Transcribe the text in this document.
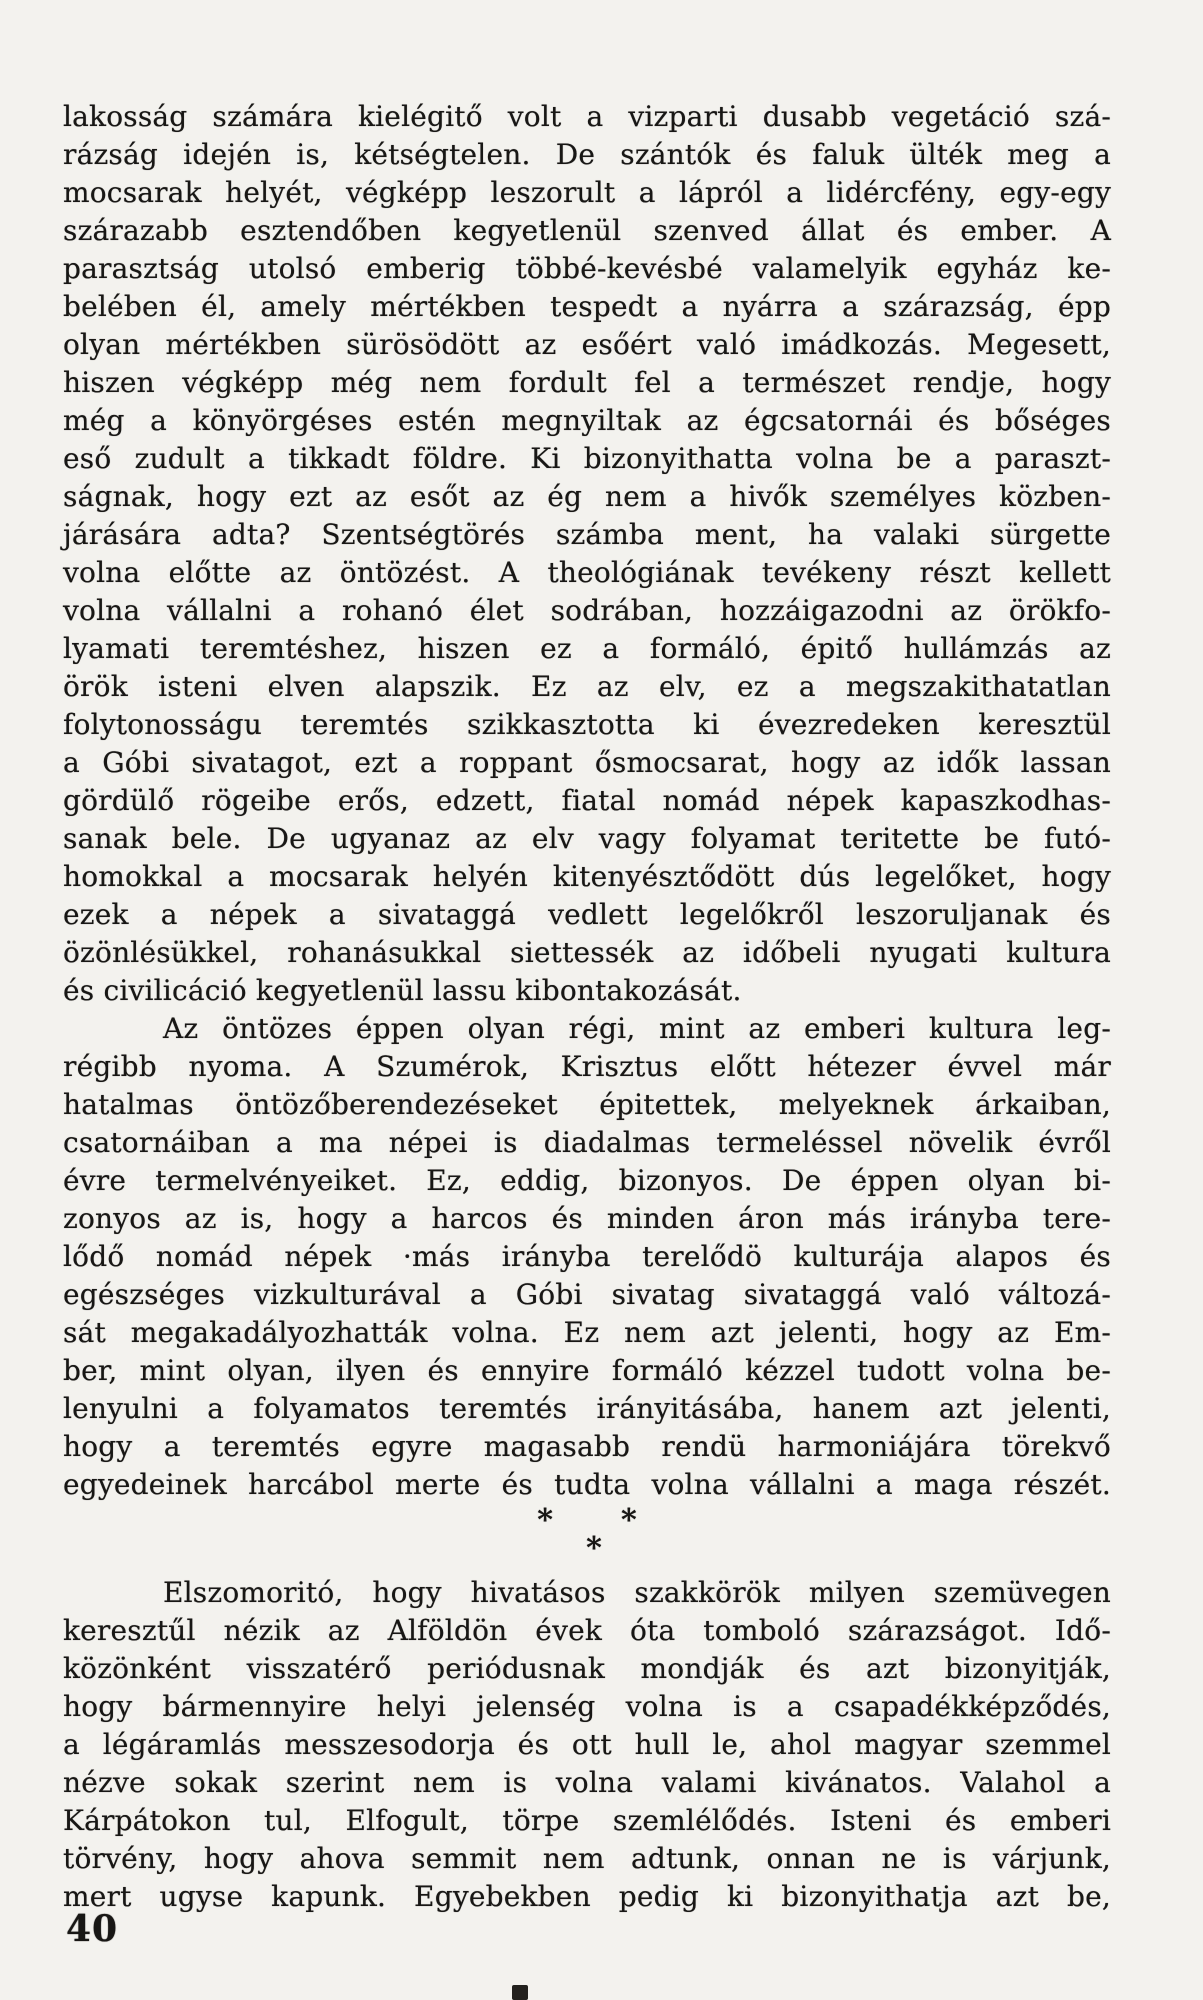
lakosság számára kielégitő volt a vizparti dusabb vegetáció szá-
rázság idején is, kétségtelen. De szántók és faluk ülték meg a
mocsarak helyét, végképp leszorult a lápról a lidércfény, egy-egy
szárazabb esztendőben kegyetlenül szenved állat és ember. A
parasztság utolsó emberig többé-kevésbé valamelyik egyház ke-
belében él, amely mértékben tespedt a nyárra a szárazság, épp
olyan mértékben sürösödött az esőért való imádkozás. Megesett,
hiszen végképp még nem fordult fel a természet rendje, hogy
még a könyörgéses estén megnyiltak az égcsatornái és bőséges
eső zudult a tikkadt földre. Ki bizonyithatta volna be a paraszt-
ságnak, hogy ezt az esőt az ég nem a hivők személyes közben-
járására adta? Szentségtörés számba ment, ha valaki sürgette
volna előtte az öntözést. A theológiának tevékeny részt kellett
volna vállalni a rohanó élet sodrában, hozzáigazodni az örökfo-
lyamati teremtéshez, hiszen ez a formáló, épitő hullámzás az
örök isteni elven alapszik. Ez az elv, ez a megszakithatatlan
folytonosságu teremtés szikkasztotta ki évezredeken keresztül
a Góbi sivatagot, ezt a roppant ősmocsarat, hogy az idők lassan
gördülő rögeibe erős, edzett, fiatal nomád népek kapaszkodhas-
sanak bele. De ugyanaz az elv vagy folyamat teritette be futó-
homokkal a mocsarak helyén kitenyésztődött dús legelőket, hogy
ezek a népek a sivataggá vedlett legelőkről leszoruljanak és
özönlésükkel, rohanásukkal siettessék az időbeli nyugati kultura
és civilicáció kegyetlenül lassu kibontakozását.
Az öntözes éppen olyan régi, mint az emberi kultura leg-
régibb nyoma. A Szumérok, Krisztus előtt hétezer évvel már
hatalmas öntözőberendezéseket épitettek, melyeknek árkaiban,
csatornáiban a ma népei is diadalmas termeléssel növelik évről
évre termelvényeiket. Ez, eddig, bizonyos. De éppen olyan bi-
zonyos az is, hogy a harcos és minden áron más irányba tere-
lődő nomád népek ·más irányba terelődö kulturája alapos és
egészséges vizkulturával a Góbi sivatag sivataggá való változá-
sát megakadályozhatták volna. Ez nem azt jelenti, hogy az Em-
ber, mint olyan, ilyen és ennyire formáló kézzel tudott volna be-
lenyulni a folyamatos teremtés irányitásába, hanem azt jelenti,
hogy a teremtés egyre magasabb rendü harmoniájára törekvő
egyedeinek harcábol merte és tudta volna vállalni a maga részét.
* *
*
Elszomoritó, hogy hivatásos szakkörök milyen szemüvegen
keresztűl nézik az Alföldön évek óta tomboló szárazságot. Idő-
közönként visszatérő periódusnak mondják és azt bizonyitják,
hogy bármennyire helyi jelenség volna is a csapadékképződés,
a légáramlás messzesodorja és ott hull le, ahol magyar szemmel
nézve sokak szerint nem is volna valami kivánatos. Valahol a
Kárpátokon tul, Elfogult, törpe szemlélődés. Isteni és emberi
törvény, hogy ahova semmit nem adtunk, onnan ne is várjunk,
mert ugyse kapunk. Egyebekben pedig ki bizonyithatja azt be,
40
